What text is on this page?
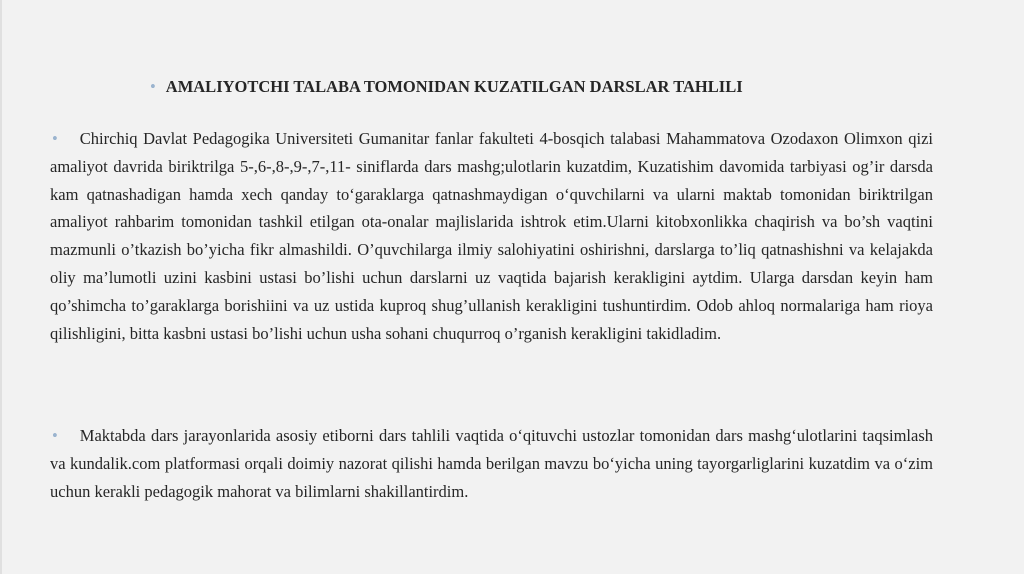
• AMALIYOTCHI TALABA TOMONIDAN KUZATILGAN DARSLAR TAHLILI
• Chirchiq Davlat Pedagogika Universiteti Gumanitar fanlar fakulteti 4-bosqich talabasi Mahammatova Ozodaxon Olimxon qizi amaliyot davrida biriktrilga 5-,6-,8-,9-,7-,11- siniflarda dars mashg;ulotlarin kuzatdim, Kuzatishim davomida tarbiyasi og’ir darsda kam qatnashadigan hamda xech qanday to‘garaklarga qatnashmaydigan o‘quvchilarni va ularni maktab tomonidan biriktrilgan amaliyot rahbarim tomonidan tashkil etilgan ota-onalar majlislarida ishtrok etim.Ularni kitobxonlikka chaqirish va bo’sh vaqtini mazmunli o’tkazish bo’yicha fikr almashildi. O’quvchilarga ilmiy salohiyatini oshirishni, darslarga to’liq qatnashishni va kelajakda oliy ma’lumotli uzini kasbini ustasi bo’lishi uchun darslarni uz vaqtida bajarish kerakligini aytdim. Ularga darsdan keyin ham qo’shimcha to’garaklarga borishiini va uz ustida kuproq shug’ullanish kerakligini tushuntirdim. Odob ahloq normalariga ham rioya qilishligini, bitta kasbni ustasi bo’lishi uchun usha sohani chuqurroq o’rganish kerakligini takidladim.
• Maktabda dars jarayonlarida asosiy etiborni dars tahlili vaqtida o‘qituvchi ustozlar tomonidan dars mashg‘ulotlarini taqsimlash va kundalik.com platformasi orqali doimiy nazorat qilishi hamda berilgan mavzu bo‘yicha uning tayorgarliglarini kuzatdim va o‘zim uchun kerakli pedagogik mahorat va bilimlarni shakillantirdim.
